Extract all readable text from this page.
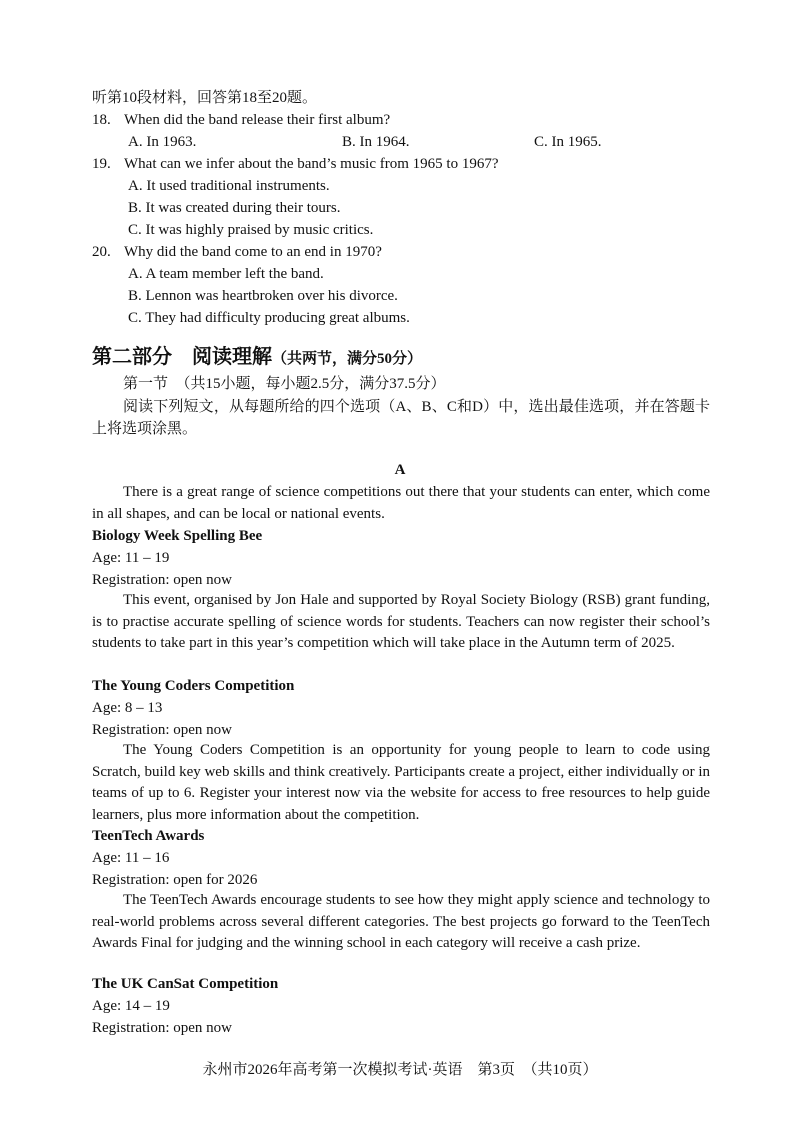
听第10段材料，回答第18至20题。
18. When did the band release their first album?
A. In 1963.	B. In 1964.	C. In 1965.
19. What can we infer about the band’s music from 1965 to 1967?
A. It used traditional instruments.
B. It was created during their tours.
C. It was highly praised by music critics.
20. Why did the band come to an end in 1970?
A. A team member left the band.
B. Lennon was heartbroken over his divorce.
C. They had difficulty producing great albums.
第二部分　阅读理解（共两节，满分50分）
第一节　（共15小题，每小题2.5分，满分37.5分）

阅读下列短文，从每题所给的四个选项（A、B、C和D）中，选出最佳选项，并在答题卡上将选项涂黑。

A

There is a great range of science competitions out there that your students can enter, which come in all shapes, and can be local or national events.

Biology Week Spelling Bee
Age: 11 – 19
Registration: open now

This event, organised by Jon Hale and supported by Royal Society Biology (RSB) grant funding, is to practise accurate spelling of science words for students. Teachers can now register their school’s students to take part in this year’s competition which will take place in the Autumn term of 2025.

The Young Coders Competition
Age: 8 – 13
Registration: open now

The Young Coders Competition is an opportunity for young people to learn to code using Scratch, build key web skills and think creatively. Participants create a project, either individually or in teams of up to 6. Register your interest now via the website for access to free resources to help guide learners, plus more information about the competition.

TeenTech Awards
Age: 11 – 16
Registration: open for 2026

The TeenTech Awards encourage students to see how they might apply science and technology to real-world problems across several different categories. The best projects go forward to the TeenTech Awards Final for judging and the winning school in each category will receive a cash prize.

The UK CanSat Competition
Age: 14 – 19
Registration: open now
永州市2026年高考第一次模拟考试·英语　第3页　（共10页）
